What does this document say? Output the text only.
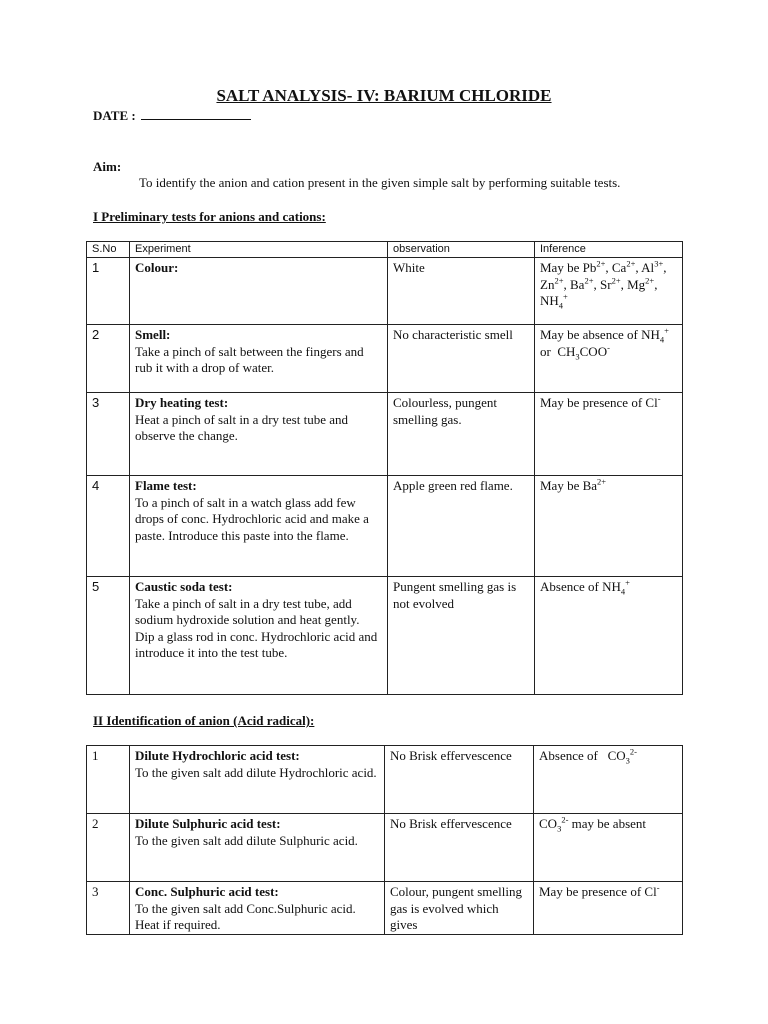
SALT ANALYSIS- IV: BARIUM CHLORIDE
DATE :
Aim:
To identify the anion and cation present in the given simple salt by performing suitable tests.
I Preliminary tests for anions and cations:
S.No	Experiment	observation	Inference
1	Colour:	White	May be $Pb^{2+}$, $Ca^{2+}$, $Al^{3+}$, $Zn^{2+}$, $Ba^{2+}$, $Sr^{2+}$, $Mg^{2+}$, $NH_4^+$
2	Smell:
Take a pinch of salt between the fingers and rub it with a drop of water.	No characteristic smell	May be absence of $NH_4^+$ or  $CH_3COO^-$
3	Dry heating test:
Heat a pinch of salt in a dry test tube and observe the change.	Colourless, pungent smelling gas.	May be presence of Cl-
4	Flame test:
To a pinch of salt in a watch glass add few drops of conc. Hydrochloric acid and make a paste. Introduce this paste into the flame.	Apple green red flame.	May be $Ba^{2+}$
5	Caustic soda test:
Take a pinch of salt in a dry test tube, add sodium hydroxide solution and heat gently. Dip a glass rod in conc. Hydrochloric acid and introduce it into the test tube.	Pungent smelling gas is not evolved	Absence of $NH_4^+$
II Identification of anion (Acid radical):
1	Dilute Hydrochloric acid test:
To the given salt add dilute Hydrochloric acid.	No Brisk effervescence	Absence of   $CO_3^{2-}$
2	Dilute Sulphuric acid test:
To the given salt add dilute Sulphuric acid.	No Brisk effervescence	$CO_3^{2-}$ may be absent
3	Conc. Sulphuric acid test:
To the given salt add Conc.Sulphuric acid. Heat if required.	Colour, pungent smelling gas is evolved which gives	May be presence of Cl-
